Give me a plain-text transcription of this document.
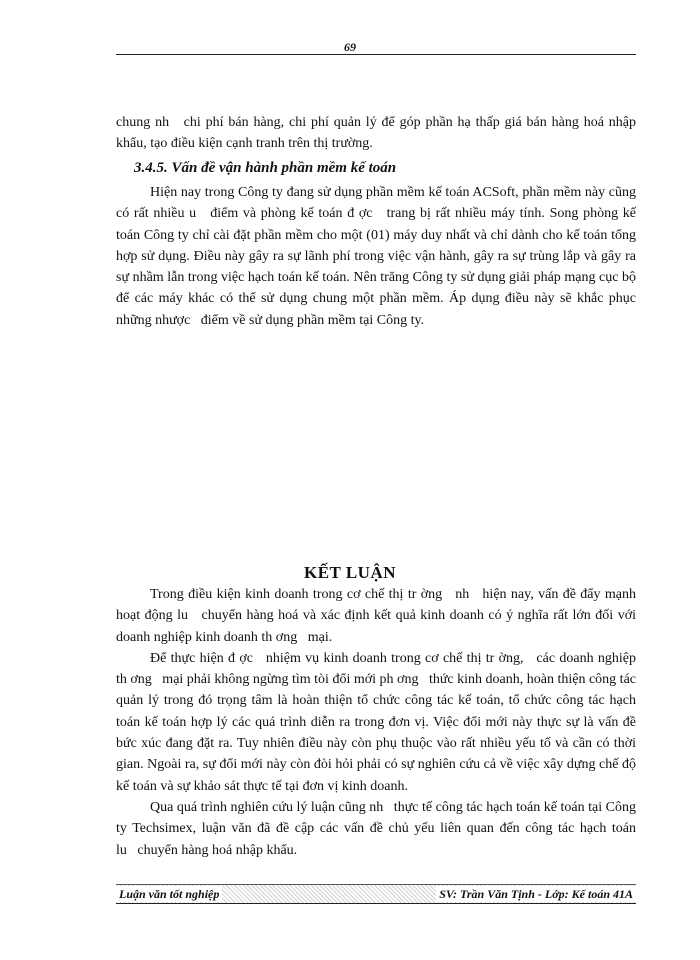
69

chung nh   chi phí bán hàng, chi phí quản lý để góp phần hạ thấp giá bán hàng hoá nhập khẩu, tạo điều kiện cạnh tranh trên thị trường.

3.4.5. Vấn đề vận hành phần mềm kế toán

Hiện nay trong Công ty đang sử dụng phần mềm kế toán ACSoft, phần mềm này cũng có rất nhiều u   điểm và phòng kế toán đ ợc   trang bị rất nhiều máy tính. Song phòng kế toán Công ty chỉ cài đặt phần mềm cho một (01) máy duy nhất và chỉ dành cho kế toán tổng hợp sử dụng. Điều này gây ra sự lãnh phí trong việc vận hành, gây ra sự trùng lắp và gây ra sự nhầm lẫn trong việc hạch toán kế toán. Nên trăng Công ty sử dụng giải pháp mạng cục bộ để các máy khác có thể sử dụng chung một phần mềm. Áp dụng điều này sẽ khắc phục những nhược   điểm về sử dụng phần mềm tại Công ty.

KẾT LUẬN

Trong điều kiện kinh doanh trong cơ chế thị tr ờng   nh   hiện nay, vấn đề đẩy mạnh hoạt động lu   chuyển hàng hoá và xác định kết quả kinh doanh có ý nghĩa rất lớn đối với doanh nghiệp kinh doanh th ơng   mại.

Để thực hiện đ ợc   nhiệm vụ kinh doanh trong cơ chế thị tr ờng,   các doanh nghiệp th ơng   mại phải không ngừng tìm tòi đổi mới ph ơng   thức kinh doanh, hoàn thiện công tác quản lý trong đó trọng tâm là hoàn thiện tổ chức công tác kế toán, tổ chức công tác hạch toán kế toán hợp lý các quá trình diễn ra trong đơn vị. Việc đổi mới này thực sự là vấn đề bức xúc đang đặt ra. Tuy nhiên điều này còn phụ thuộc vào rất nhiều yếu tố và cần có thời gian. Ngoài ra, sự đổi mới này còn đòi hỏi phải có sự nghiên cứu cả về việc xây dựng chế độ kế toán và sự khảo sát thực tế tại đơn vị kinh doanh.

Qua quá trình nghiên cứu lý luận cũng nh   thực tế công tác hạch toán kế toán tại Công ty Techsimex, luận văn đã đề cập các vấn đề chủ yếu liên quan đến công tác hạch toán lu   chuyển hàng hoá nhập khẩu.

Luận văn tốt nghiệp	SV: Trần Văn Tịnh - Lớp: Kế toán 41A
